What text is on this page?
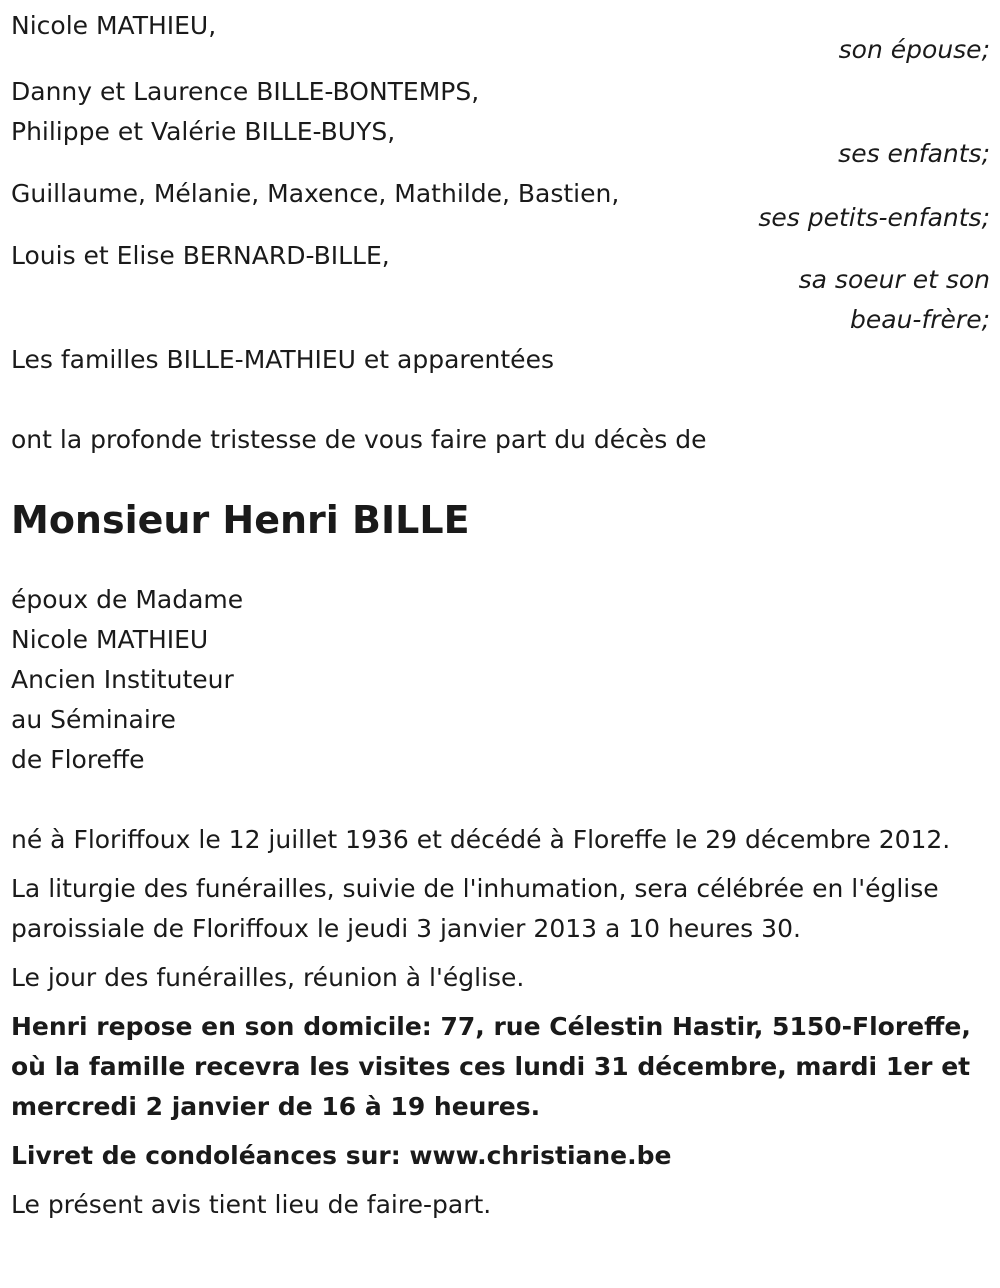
Nicole MATHIEU,
son épouse;
Danny et Laurence BILLE-BONTEMPS,
Philippe et Valérie BILLE-BUYS,
ses enfants;
Guillaume, Mélanie, Maxence, Mathilde, Bastien,
ses petits-enfants;
Louis et Elise BERNARD-BILLE,
sa soeur et son
beau-frère;
Les familles BILLE-MATHIEU et apparentées
ont la profonde tristesse de vous faire part du décès de
Monsieur Henri BILLE
époux de Madame
Nicole MATHIEU
Ancien Instituteur
au Séminaire
de Floreffe
né à Floriffoux le 12 juillet 1936 et décédé à Floreffe le 29 décembre 2012.
La liturgie des funérailles, suivie de l'inhumation, sera célébrée en l'église paroissiale de Floriffoux le jeudi 3 janvier 2013 a 10 heures 30.
Le jour des funérailles, réunion à l'église.
Henri repose en son domicile: 77, rue Célestin Hastir, 5150-Floreffe, où la famille recevra les visites ces lundi 31 décembre, mardi 1er et mercredi 2 janvier de 16 à 19 heures.
Livret de condoléances sur: www.christiane.be
Le présent avis tient lieu de faire-part.
